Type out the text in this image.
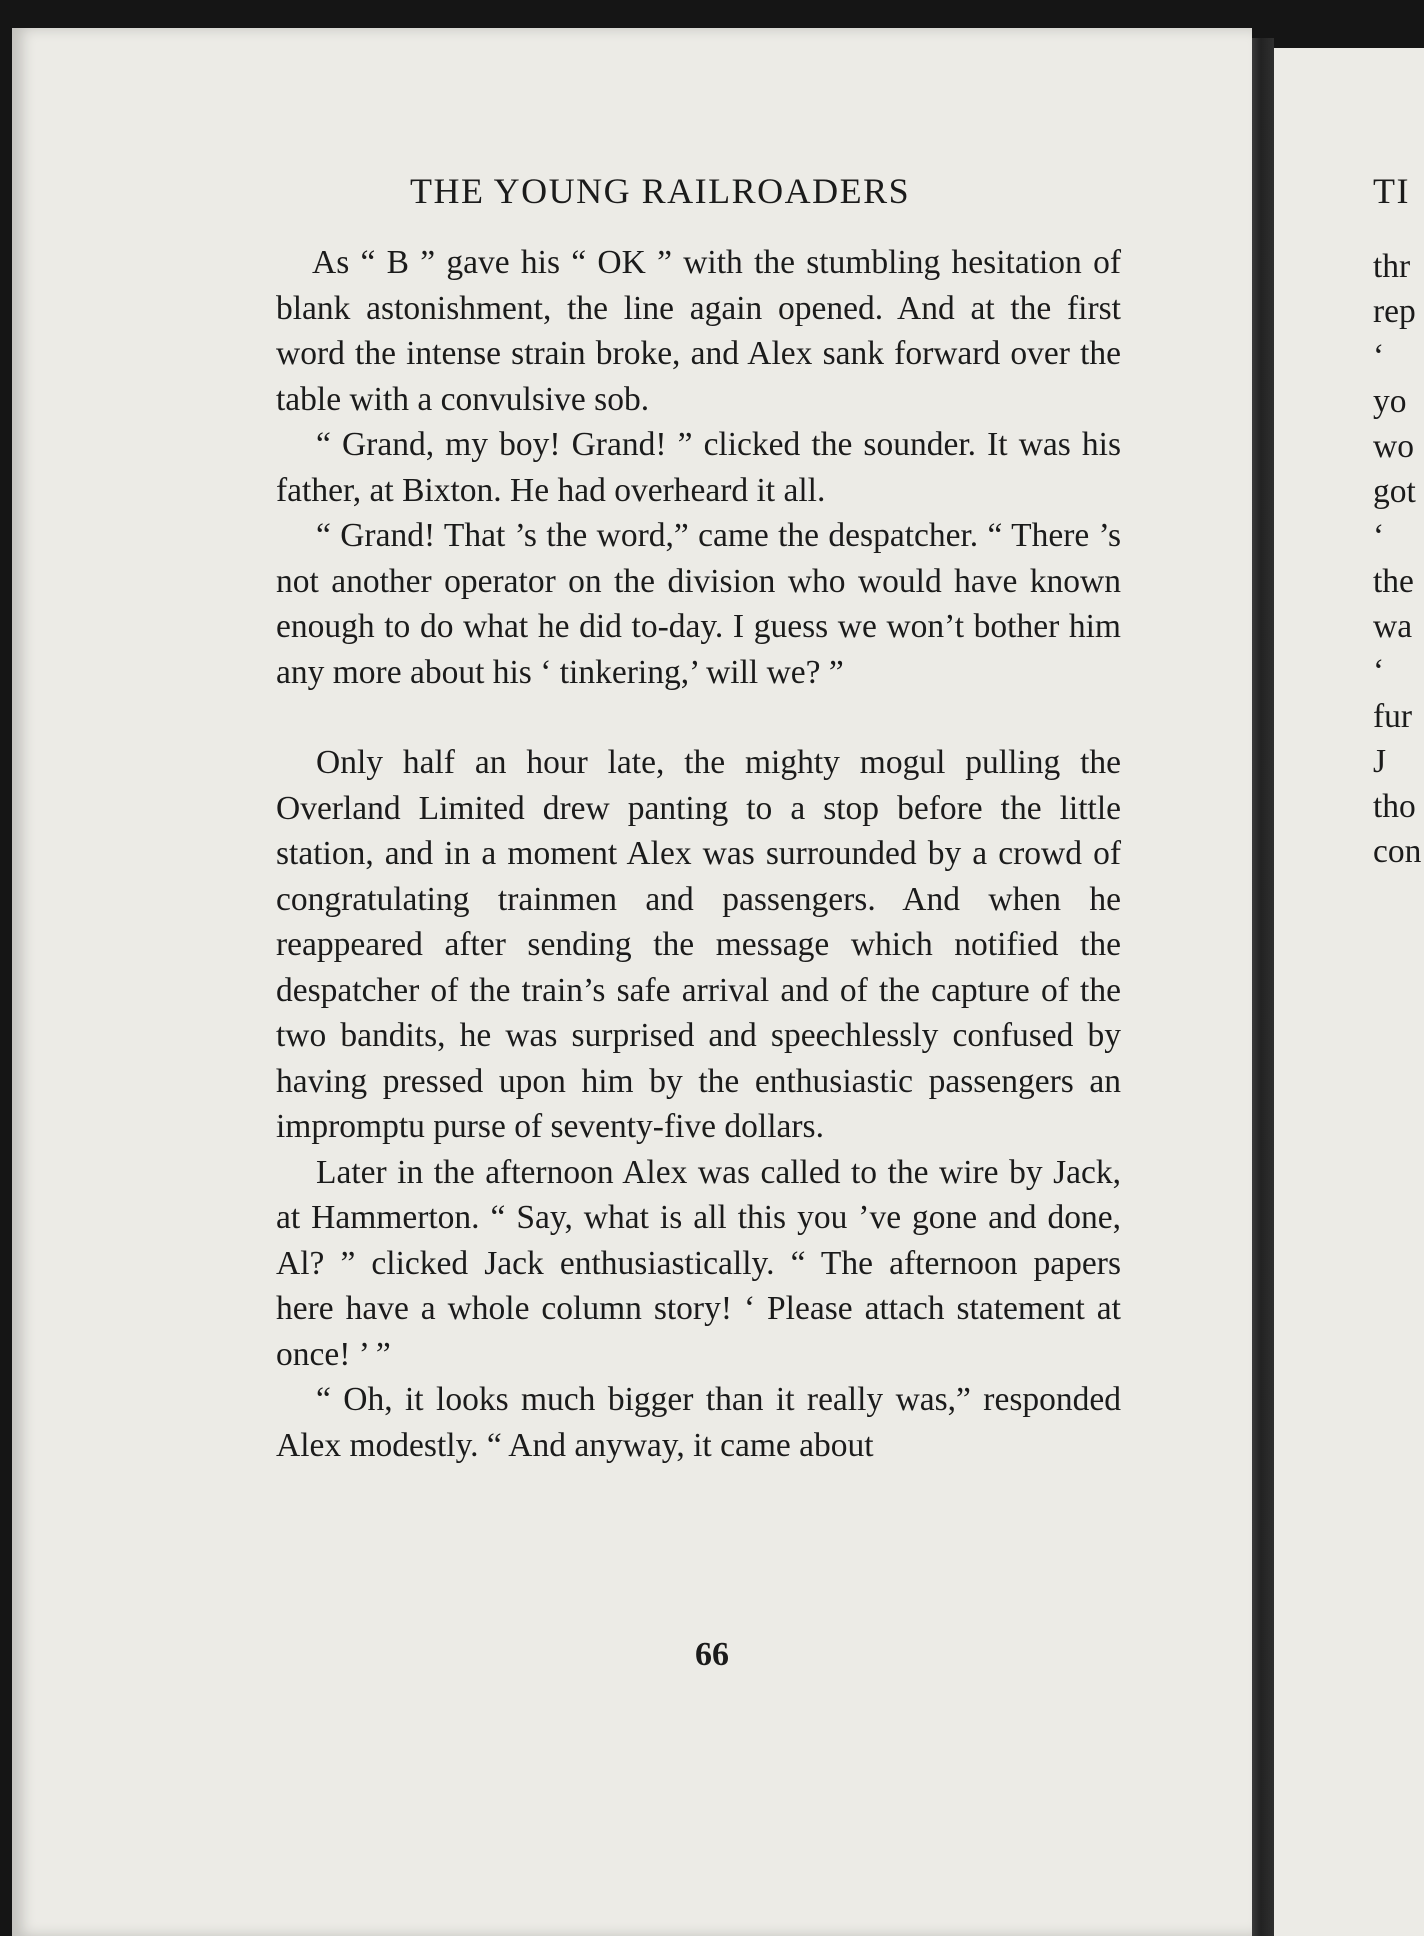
66
THE YOUNG RAILROADERS

As “ B ” gave his “ OK ” with the stumbling hesitation of blank astonishment, the line again opened. And at the first word the intense strain broke, and Alex sank forward over the table with a convulsive sob.

“ Grand, my boy! Grand! ” clicked the sounder. It was his father, at Bixton. He had overheard it all.

“ Grand! That ’s the word,” came the despatcher. “ There ’s not another operator on the division who would have known enough to do what he did to-day. I guess we won’t bother him any more about his ‘ tinkering,’ will we? ”

Only half an hour late, the mighty mogul pulling the Overland Limited drew panting to a stop before the little station, and in a moment Alex was surrounded by a crowd of congratulating trainmen and passengers. And when he reappeared after sending the message which notified the despatcher of the train’s safe arrival and of the capture of the two bandits, he was surprised and speechlessly confused by having pressed upon him by the enthusiastic passengers an impromptu purse of seventy-five dollars.

Later in the afternoon Alex was called to the wire by Jack, at Hammerton. “ Say, what is all this you ’ve gone and done, Al? ” clicked Jack enthusiastically. “ The afternoon papers here have a whole column story! ‘ Please attach statement at once! ’ ”

“ Oh, it looks much bigger than it really was,” responded Alex modestly. “ And anyway, it came about

TI
thr
rep
‘
yo
wo
got
‘
the
wa
‘
fur
J
tho
con
